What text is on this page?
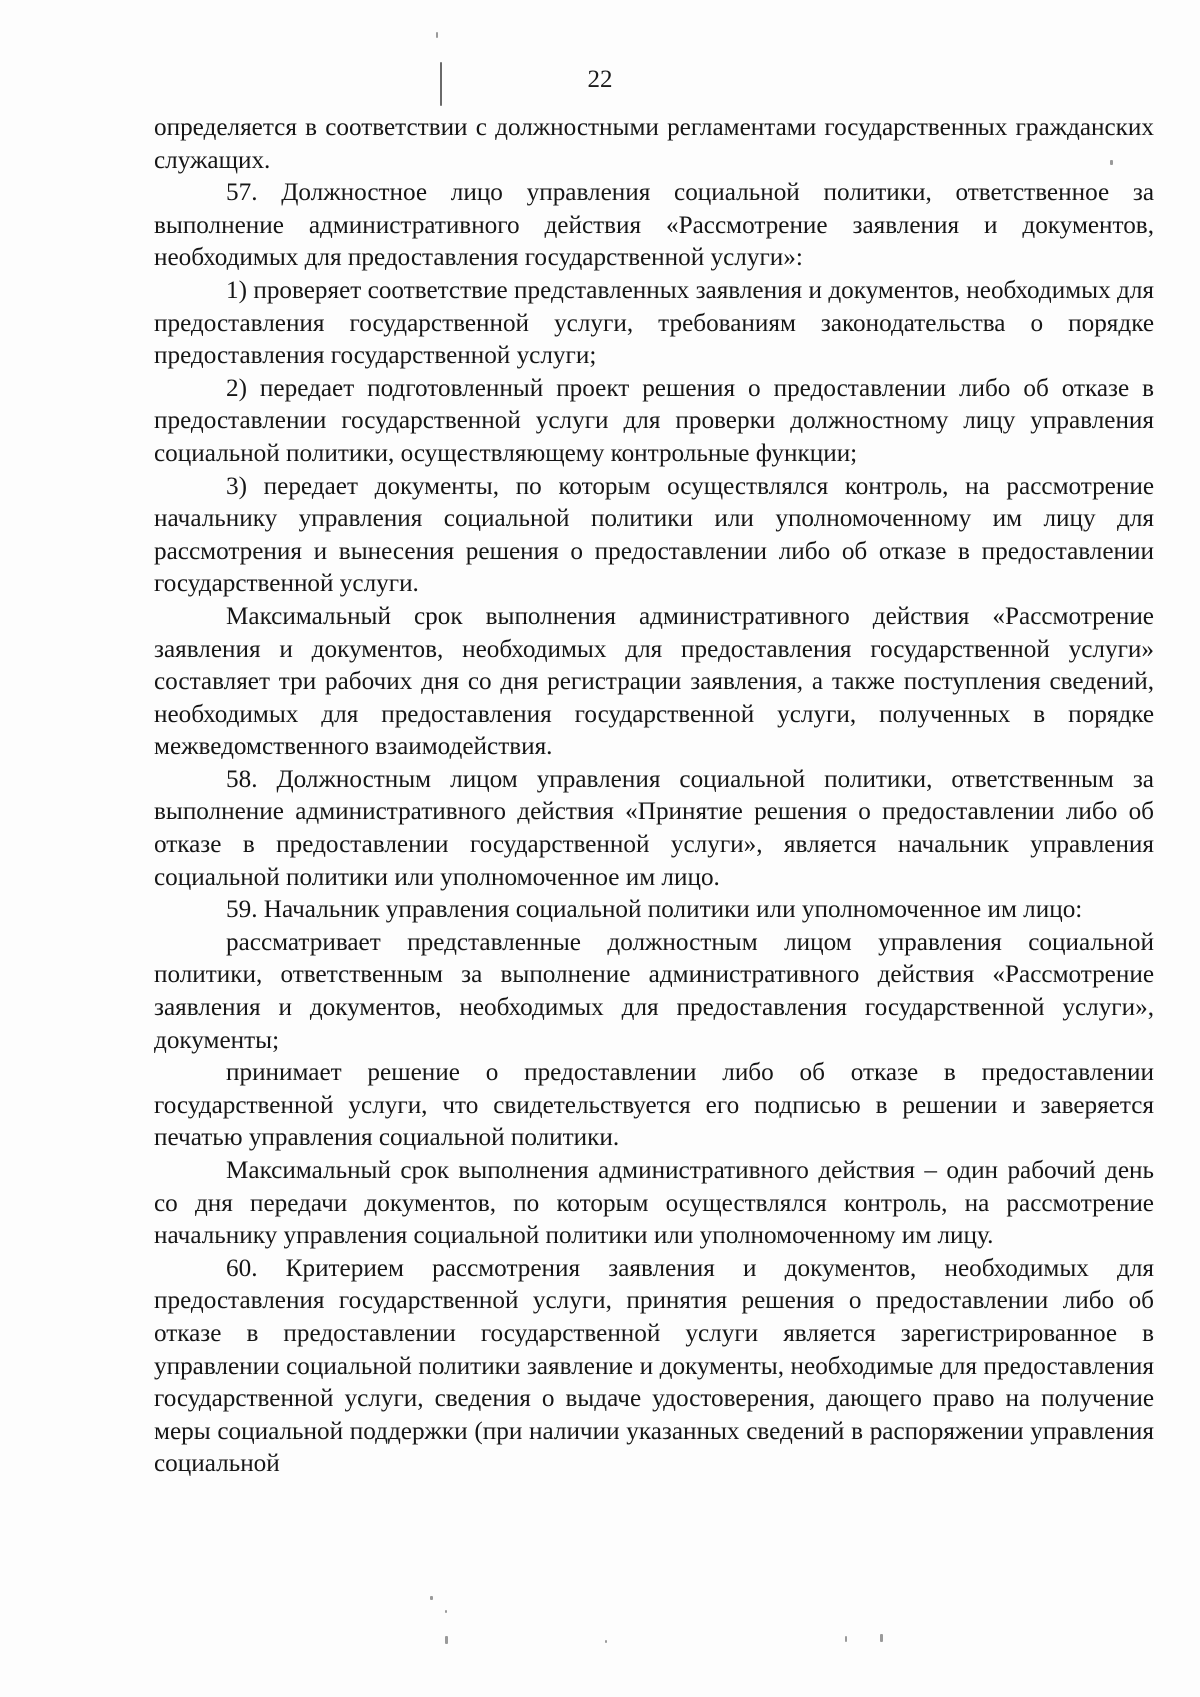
22

определяется в соответствии с должностными регламентами государственных гражданских служащих.

57. Должностное лицо управления социальной политики, ответственное за выполнение административного действия «Рассмотрение заявления и документов, необходимых для предоставления государственной услуги»:

1) проверяет соответствие представленных заявления и документов, необходимых для предоставления государственной услуги, требованиям законодательства о порядке предоставления государственной услуги;

2) передает подготовленный проект решения о предоставлении либо об отказе в предоставлении государственной услуги для проверки должностному лицу управления социальной политики, осуществляющему контрольные функции;

3) передает документы, по которым осуществлялся контроль, на рассмотрение начальнику управления социальной политики или уполномоченному им лицу для рассмотрения и вынесения решения о предоставлении либо об отказе в предоставлении государственной услуги.

Максимальный срок выполнения административного действия «Рассмотрение заявления и документов, необходимых для предоставления государственной услуги» составляет три рабочих дня со дня регистрации заявления, а также поступления сведений, необходимых для предоставления государственной услуги, полученных в порядке межведомственного взаимодействия.

58. Должностным лицом управления социальной политики, ответственным за выполнение административного действия «Принятие решения о предоставлении либо об отказе в предоставлении государственной услуги», является начальник управления социальной политики или уполномоченное им лицо.

59. Начальник управления социальной политики или уполномоченное им лицо:

рассматривает представленные должностным лицом управления социальной политики, ответственным за выполнение административного действия «Рассмотрение заявления и документов, необходимых для предоставления государственной услуги», документы;

принимает решение о предоставлении либо об отказе в предоставлении государственной услуги, что свидетельствуется его подписью в решении и заверяется печатью управления социальной политики.

Максимальный срок выполнения административного действия – один рабочий день со дня передачи документов, по которым осуществлялся контроль, на рассмотрение начальнику управления социальной политики или уполномоченному им лицу.

60. Критерием рассмотрения заявления и документов, необходимых для предоставления государственной услуги, принятия решения о предоставлении либо об отказе в предоставлении государственной услуги является зарегистрированное в управлении социальной политики заявление и документы, необходимые для предоставления государственной услуги, сведения о выдаче удостоверения, дающего право на получение меры социальной поддержки (при наличии указанных сведений в распоряжении управления социальной
